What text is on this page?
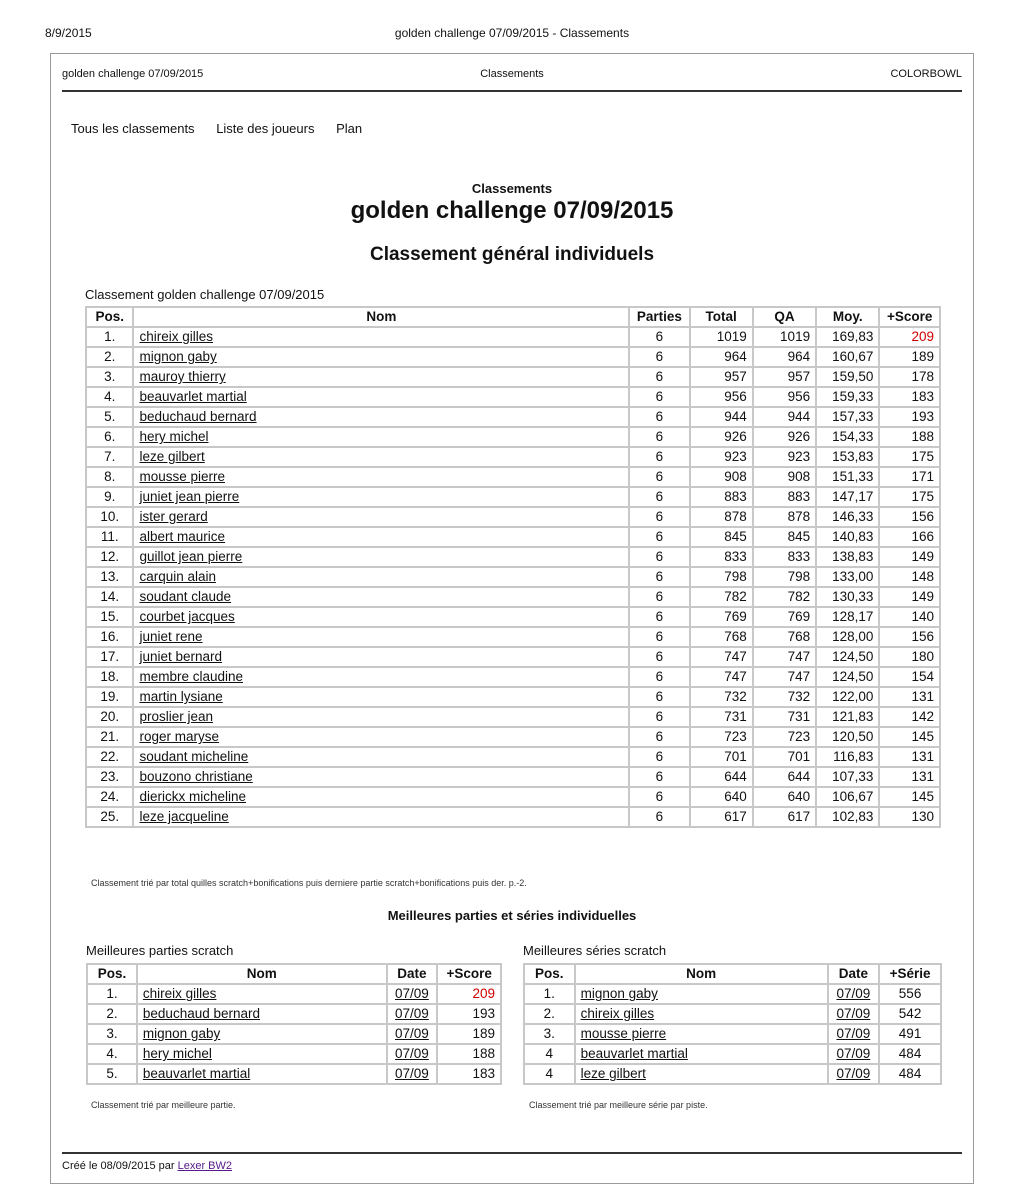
8/9/2015	golden challenge 07/09/2015 - Classements
golden challenge 07/09/2015	Classements	COLORBOWL
Tous les classements Liste des joueurs Plan
Classements
golden challenge 07/09/2015
Classement général individuels
Classement golden challenge 07/09/2015
Pos.	Nom	Parties	Total	QA	Moy.	+Score
1.	chireix gilles	6	1019	1019	169,83	209
2.	mignon gaby	6	964	964	160,67	189
3.	mauroy thierry	6	957	957	159,50	178
4.	beauvarlet martial	6	956	956	159,33	183
5.	beduchaud bernard	6	944	944	157,33	193
6.	hery michel	6	926	926	154,33	188
7.	leze gilbert	6	923	923	153,83	175
8.	mousse pierre	6	908	908	151,33	171
9.	juniet jean pierre	6	883	883	147,17	175
10.	ister gerard	6	878	878	146,33	156
11.	albert maurice	6	845	845	140,83	166
12.	guillot jean pierre	6	833	833	138,83	149
13.	carquin alain	6	798	798	133,00	148
14.	soudant claude	6	782	782	130,33	149
15.	courbet jacques	6	769	769	128,17	140
16.	juniet rene	6	768	768	128,00	156
17.	juniet bernard	6	747	747	124,50	180
18.	membre claudine	6	747	747	124,50	154
19.	martin lysiane	6	732	732	122,00	131
20.	proslier jean	6	731	731	121,83	142
21.	roger maryse	6	723	723	120,50	145
22.	soudant micheline	6	701	701	116,83	131
23.	bouzono christiane	6	644	644	107,33	131
24.	dierickx micheline	6	640	640	106,67	145
25.	leze jacqueline	6	617	617	102,83	130
Classement trié par total quilles scratch+bonifications puis derniere partie scratch+bonifications puis der. p.-2.
Meilleures parties et séries individuelles
Meilleures parties scratch
Pos.	Nom	Date	+Score
1.	chireix gilles	07/09	209
2.	beduchaud bernard	07/09	193
3.	mignon gaby	07/09	189
4.	hery michel	07/09	188
5.	beauvarlet martial	07/09	183
Classement trié par meilleure partie.
Meilleures séries scratch
Pos.	Nom	Date	+Série
1.	mignon gaby	07/09	556
2.	chireix gilles	07/09	542
3.	mousse pierre	07/09	491
4	beauvarlet martial	07/09	484
4	leze gilbert	07/09	484
Classement trié par meilleure série par piste.
Créé le 08/09/2015 par Lexer BW2
